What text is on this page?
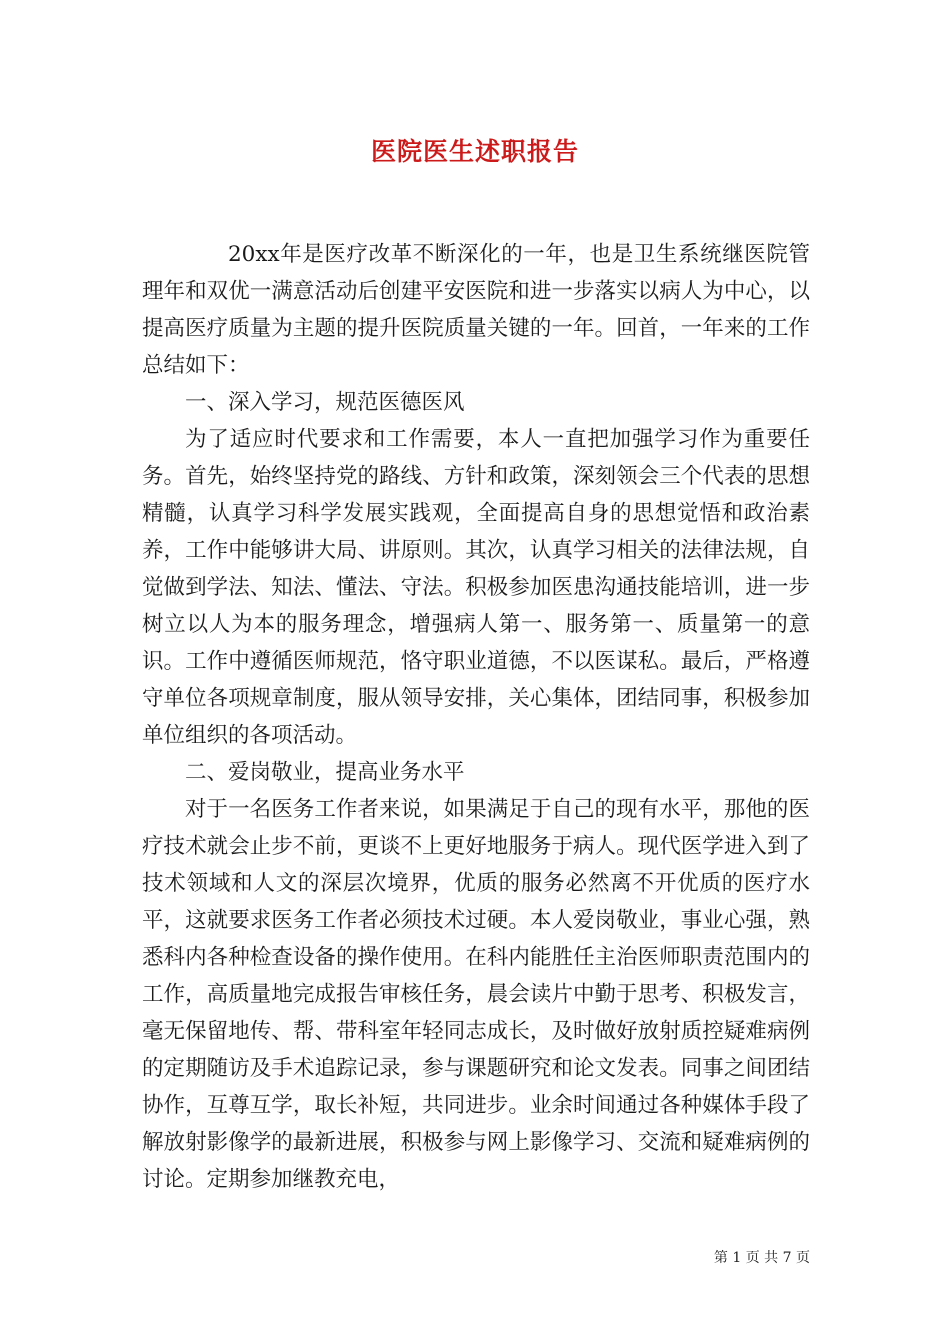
医院医生述职报告

20xx年是医疗改革不断深化的一年，也是卫生系统继医院管理年和双优一满意活动后创建平安医院和进一步落实以病人为中心，以提高医疗质量为主题的提升医院质量关键的一年。回首，一年来的工作总结如下：

一、深入学习，规范医德医风

为了适应时代要求和工作需要，本人一直把加强学习作为重要任务。首先，始终坚持党的路线、方针和政策，深刻领会三个代表的思想精髓，认真学习科学发展实践观，全面提高自身的思想觉悟和政治素养，工作中能够讲大局、讲原则。其次，认真学习相关的法律法规，自觉做到学法、知法、懂法、守法。积极参加医患沟通技能培训，进一步树立以人为本的服务理念，增强病人第一、服务第一、质量第一的意识。工作中遵循医师规范，恪守职业道德，不以医谋私。最后，严格遵守单位各项规章制度，服从领导安排，关心集体，团结同事，积极参加单位组织的各项活动。

二、爱岗敬业，提高业务水平

对于一名医务工作者来说，如果满足于自己的现有水平，那他的医疗技术就会止步不前，更谈不上更好地服务于病人。现代医学进入到了技术领域和人文的深层次境界，优质的服务必然离不开优质的医疗水平，这就要求医务工作者必须技术过硬。本人爱岗敬业，事业心强，熟悉科内各种检查设备的操作使用。在科内能胜任主治医师职责范围内的工作，高质量地完成报告审核任务，晨会读片中勤于思考、积极发言，毫无保留地传、帮、带科室年轻同志成长，及时做好放射质控疑难病例的定期随访及手术追踪记录，参与课题研究和论文发表。同事之间团结协作，互尊互学，取长补短，共同进步。业余时间通过各种媒体手段了解放射影像学的最新进展，积极参与网上影像学习、交流和疑难病例的讨论。定期参加继教充电，

第 1 页 共 7 页
